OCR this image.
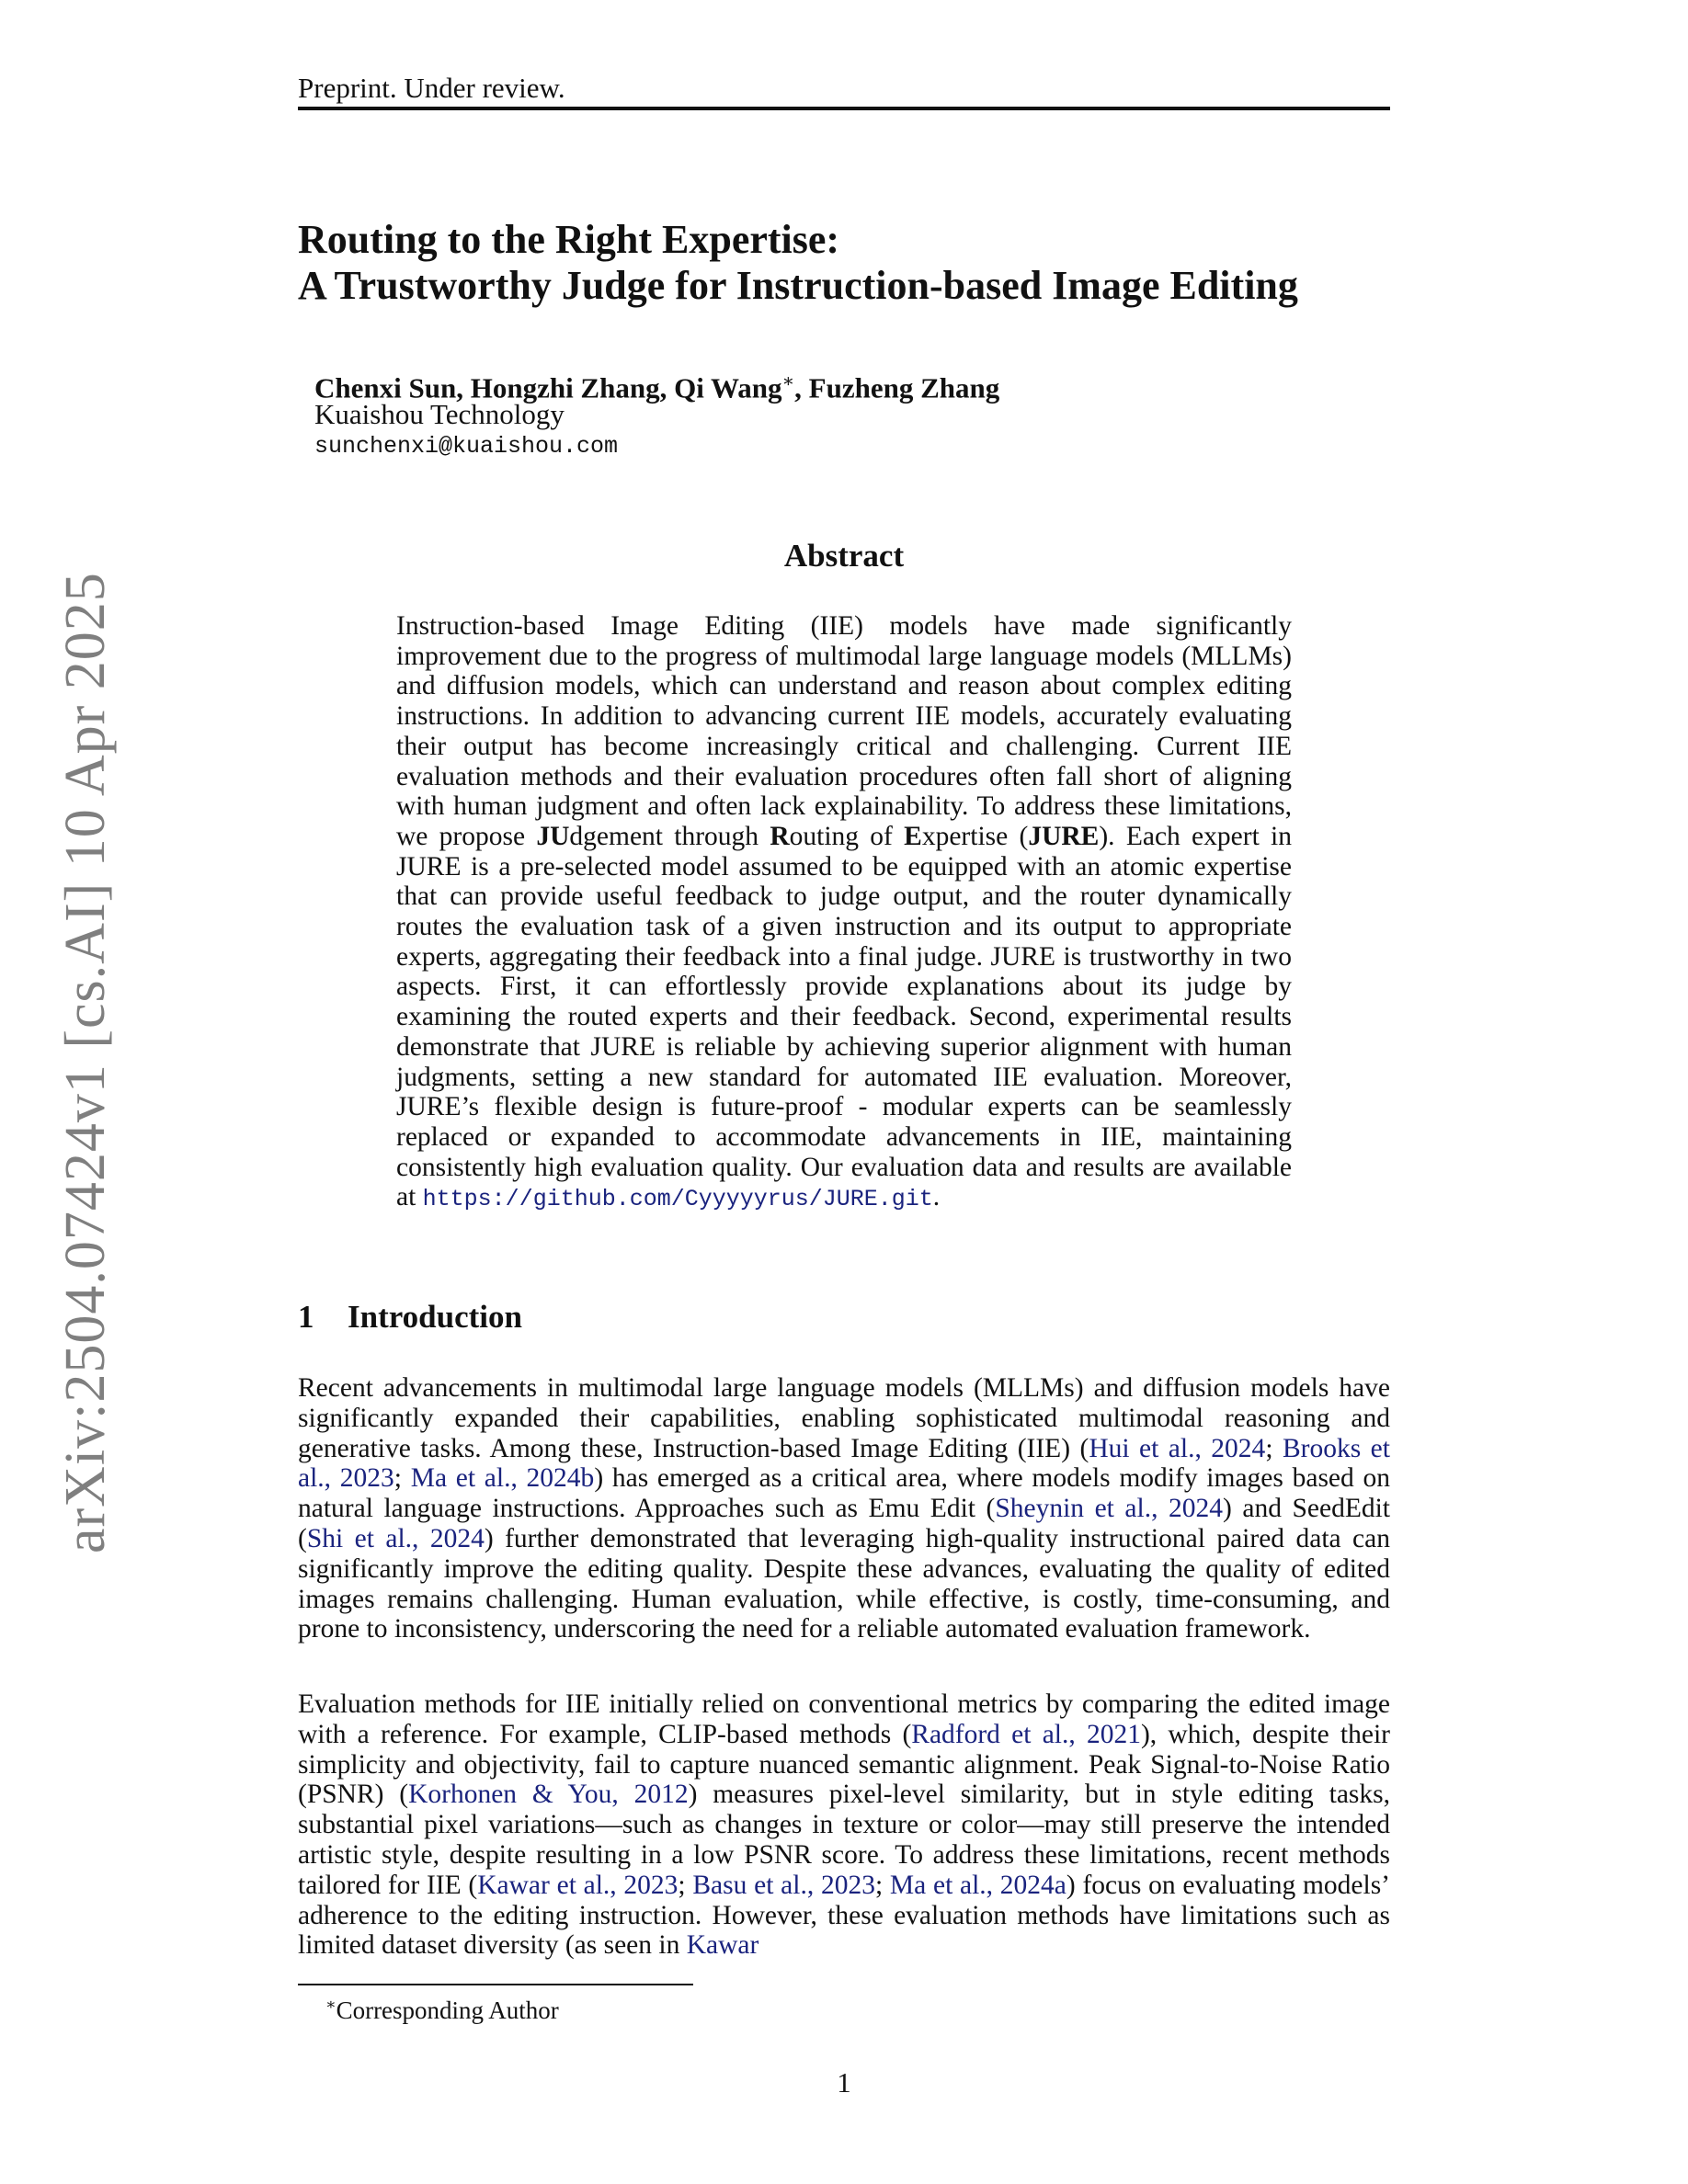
Preprint. Under review.
arXiv:2504.07424v1 [cs.AI] 10 Apr 2025
Routing to the Right Expertise:
A Trustworthy Judge for Instruction-based Image Editing
Chenxi Sun, Hongzhi Zhang, Qi Wang∗, Fuzheng Zhang
Kuaishou Technology
sunchenxi@kuaishou.com
Abstract
Instruction-based Image Editing (IIE) models have made significantly improvement due to the progress of multimodal large language models (MLLMs) and diffusion models, which can understand and reason about complex editing instructions. In addition to advancing current IIE models, accurately evaluating their output has become increasingly critical and challenging. Current IIE evaluation methods and their evaluation procedures often fall short of aligning with human judgment and often lack explainability. To address these limitations, we propose JUdgement through Routing of Expertise (JURE). Each expert in JURE is a pre-selected model assumed to be equipped with an atomic expertise that can provide useful feedback to judge output, and the router dynamically routes the evaluation task of a given instruction and its output to appropriate experts, aggregating their feedback into a final judge. JURE is trustworthy in two aspects. First, it can effortlessly provide explanations about its judge by examining the routed experts and their feedback. Second, experimental results demonstrate that JURE is reliable by achieving superior alignment with human judgments, setting a new standard for automated IIE evaluation. Moreover, JURE’s flexible design is future-proof - modular experts can be seamlessly replaced or expanded to accommodate advancements in IIE, maintaining consistently high evaluation quality. Our evaluation data and results are available at https://github.com/Cyyyyyrus/JURE.git.
1 Introduction
Recent advancements in multimodal large language models (MLLMs) and diffusion models have significantly expanded their capabilities, enabling sophisticated multimodal reasoning and generative tasks. Among these, Instruction-based Image Editing (IIE) (Hui et al., 2024; Brooks et al., 2023; Ma et al., 2024b) has emerged as a critical area, where models modify images based on natural language instructions. Approaches such as Emu Edit (Sheynin et al., 2024) and SeedEdit (Shi et al., 2024) further demonstrated that leveraging high-quality instructional paired data can significantly improve the editing quality. Despite these advances, evaluating the quality of edited images remains challenging. Human evaluation, while effective, is costly, time-consuming, and prone to inconsistency, underscoring the need for a reliable automated evaluation framework.
Evaluation methods for IIE initially relied on conventional metrics by comparing the edited image with a reference. For example, CLIP-based methods (Radford et al., 2021), which, despite their simplicity and objectivity, fail to capture nuanced semantic alignment. Peak Signal-to-Noise Ratio (PSNR) (Korhonen & You, 2012) measures pixel-level similarity, but in style editing tasks, substantial pixel variations—such as changes in texture or color—may still preserve the intended artistic style, despite resulting in a low PSNR score. To address these limitations, recent methods tailored for IIE (Kawar et al., 2023; Basu et al., 2023; Ma et al., 2024a) focus on evaluating models’ adherence to the editing instruction. However, these evaluation methods have limitations such as limited dataset diversity (as seen in Kawar
∗Corresponding Author
1
